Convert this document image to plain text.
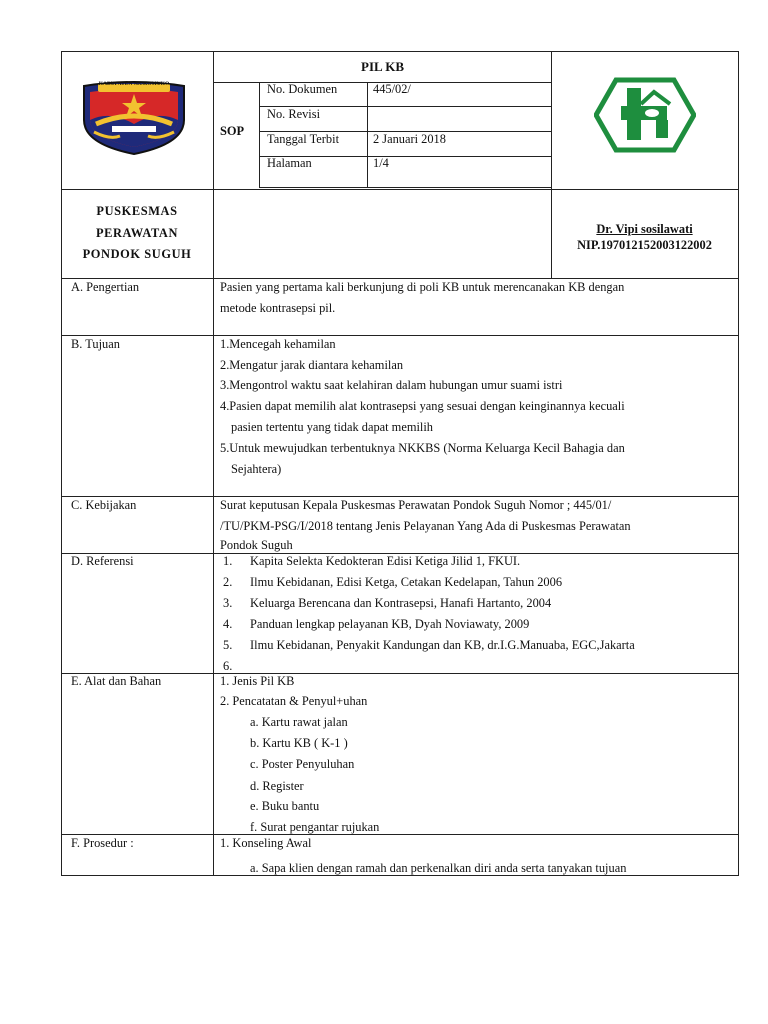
KABUPATEN MUKOMUKO
PIL KB
SOP
No. Dokumen	445/02/
No. Revisi
Tanggal Terbit	2 Januari 2018
Halaman	1/4
PUSKESMAS
PERAWATAN
PONDOK SUGUH
Dr. Vipi sosilawati
NIP.197012152003122002
A. Pengertian	Pasien yang pertama kali berkunjung di poli KB untuk merencanakan KB dengan
metode kontrasepsi pil.
B. Tujuan	1.Mencegah kehamilan
2.Mengatur jarak diantara kehamilan
3.Mengontrol waktu saat kelahiran dalam hubungan umur suami istri
4.Pasien dapat memilih alat kontrasepsi yang sesuai dengan keinginannya kecuali
pasien tertentu yang tidak dapat memilih
5.Untuk mewujudkan terbentuknya NKKBS (Norma Keluarga Kecil Bahagia dan
Sejahtera)
C. Kebijakan	Surat keputusan Kepala Puskesmas Perawatan Pondok Suguh Nomor ; 445/01/
/TU/PKM-PSG/I/2018 tentang Jenis Pelayanan Yang Ada di Puskesmas Perawatan
Pondok Suguh
D. Referensi	1. Kapita Selekta Kedokteran Edisi Ketiga Jilid 1, FKUI.
2. Ilmu Kebidanan, Edisi Ketga, Cetakan Kedelapan, Tahun 2006
3. Keluarga Berencana dan Kontrasepsi, Hanafi Hartanto, 2004
4. Panduan lengkap pelayanan KB, Dyah Noviawaty, 2009
5. Ilmu Kebidanan, Penyakit Kandungan dan KB, dr.I.G.Manuaba, EGC,Jakarta
6.
E. Alat dan Bahan	1. Jenis Pil KB
2. Pencatatan & Penyul+uhan
a. Kartu rawat jalan
b. Kartu KB ( K-1 )
c. Poster Penyuluhan
d. Register
e. Buku bantu
f. Surat pengantar rujukan
F. Prosedur :	1. Konseling Awal
a. Sapa klien dengan ramah dan perkenalkan diri anda serta tanyakan tujuan
